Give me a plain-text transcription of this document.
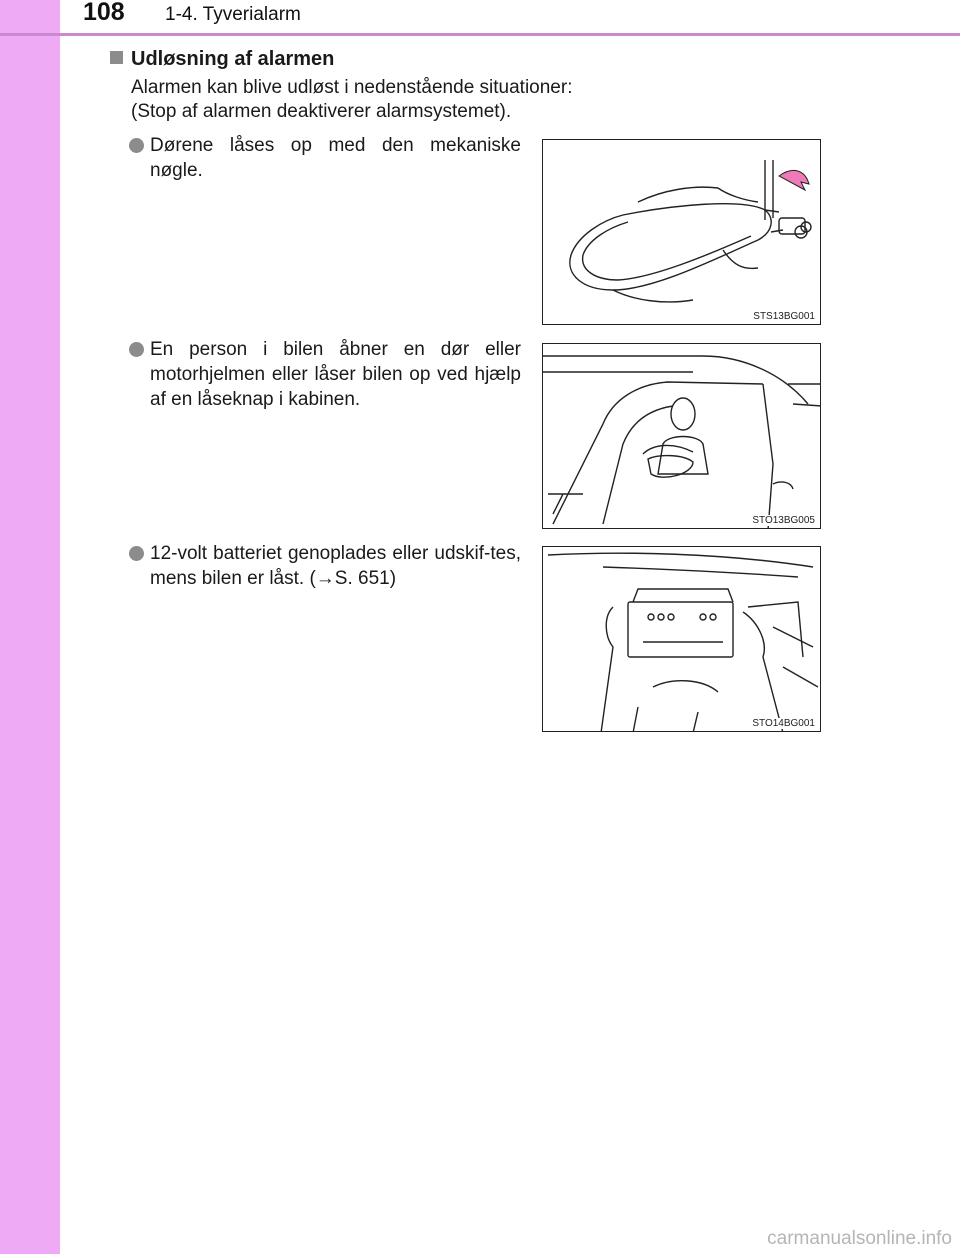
108 1-4. Tyverialarm
Udløsning af alarmen
Alarmen kan blive udløst i nedenstående situationer:
(Stop af alarmen deaktiverer alarmsystemet).
Dørene låses op med den mekaniske nøgle.
STS13BG001
En person i bilen åbner en dør eller motorhjelmen eller låser bilen op ved hjælp af en låseknap i kabinen.
STO13BG005
12-volt batteriet genoplades eller udskif-tes, mens bilen er låst. (→S. 651)
STO14BG001
carmanualsonline.info
